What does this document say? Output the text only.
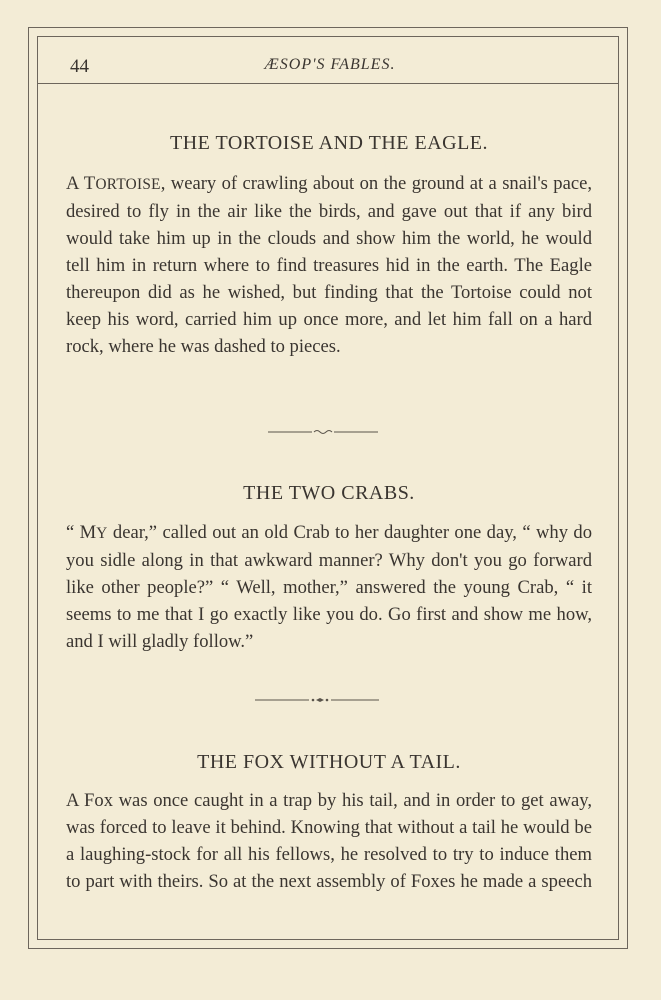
44	ÆSOP'S FABLES.
THE TORTOISE AND THE EAGLE.

A TORTOISE, weary of crawling about on the ground at a snail's pace, desired to fly in the air like the birds, and gave out that if any bird would take him up in the clouds and show him the world, he would tell him in return where to find treasures hid in the earth. The Eagle thereupon did as he wished, but finding that the Tortoise could not keep his word, carried him up once more, and let him fall on a hard rock, where he was dashed to pieces.

THE TWO CRABS.

“ MY dear,” called out an old Crab to her daughter one day, “ why do you sidle along in that awkward manner? Why don't you go forward like other people?” “ Well, mother,” answered the young Crab, “ it seems to me that I go exactly like you do. Go first and show me how, and I will gladly follow.”

THE FOX WITHOUT A TAIL.

A Fox was once caught in a trap by his tail, and in order to get away, was forced to leave it behind. Knowing that without a tail he would be a laughing-stock for all his fellows, he resolved to try to induce them to part with theirs. So at the next assembly of Foxes he made a speech
